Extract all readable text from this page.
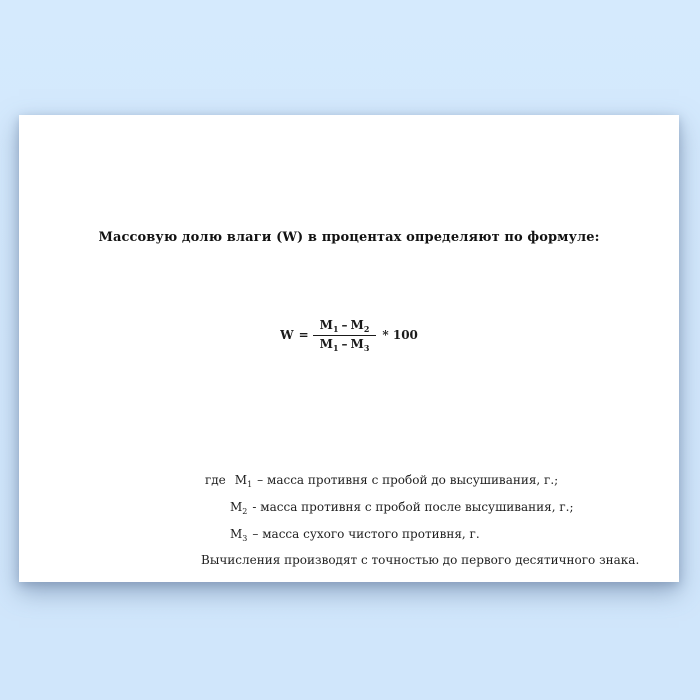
Массовую долю влаги (W) в процентах определяют по формуле:
$W = \frac{M_1 - M_2}{M_1 - M_3} * 100$
где $M_1$ – масса противня с пробой до высушивания, г.;
$M_2$ - масса противня с пробой после высушивания, г.;
$M_3$ – масса сухого чистого противня, г.
Вычисления производят с точностью до первого десятичного знака.
